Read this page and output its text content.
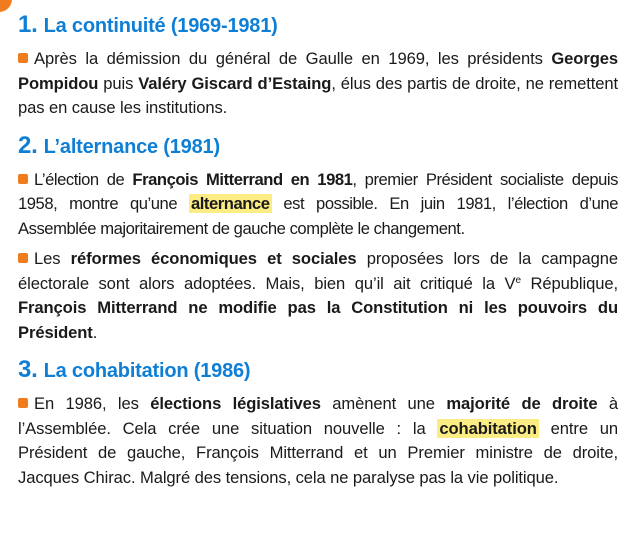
1. La continuité (1969-1981)

Après la démission du général de Gaulle en 1969, les présidents Georges Pompidou puis Valéry Giscard d’Estaing, élus des partis de droite, ne remettent pas en cause les institutions.

2. L’alternance (1981)

L’élection de François Mitterrand en 1981, premier Président socialiste depuis 1958, montre qu’une alternance est possible. En juin 1981, l’élection d’une Assemblée majoritairement de gauche complète le changement.

Les réformes économiques et sociales proposées lors de la campagne électorale sont alors adoptées. Mais, bien qu’il ait critiqué la Ve République, François Mitterrand ne modifie pas la Constitution ni les pouvoirs du Président.

3. La cohabitation (1986)

En 1986, les élections législatives amènent une majorité de droite à l’Assemblée. Cela crée une situation nouvelle : la cohabitation entre un Président de gauche, François Mitterrand et un Premier ministre de droite, Jacques Chirac. Malgré des tensions, cela ne paralyse pas la vie politique.
